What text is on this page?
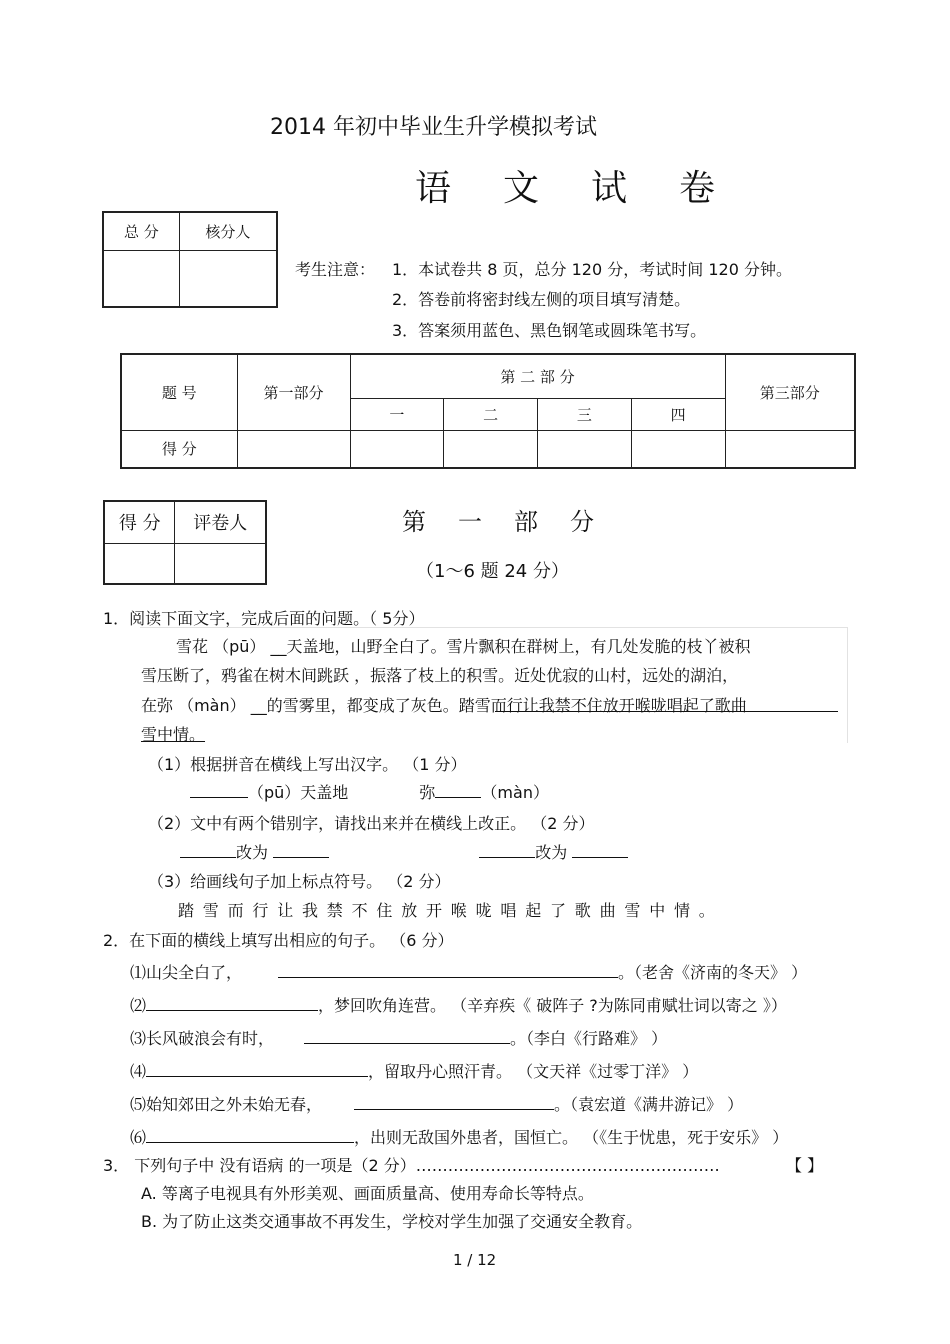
2014 年初中毕业生升学模拟考试
语　文　试　卷
总 分	核分人

考生注意： 1．本试卷共 8 页，总分 120 分，考试时间 120 分钟。
2．答卷前将密封线左侧的项目填写清楚。
3．答案须用蓝色、黑色钢笔或圆珠笔书写。
题 号	第一部分	第 二 部 分				第三部分
		一	二	三	四	
得 分						
得 分	评卷人
		第　一　部　分
（1～6 题 24 分）
1．阅读下面文字，完成后面的问题。（ 5分）
雪花 （pū） __天盖地，山野全白了。雪片飘积在群树上，有几处发脆的枝丫被积
雪压断了，鸦雀在树木间跳跃 ，振落了枝上的积雪。近处优寂的山村，远处的湖泊，
在弥 （màn） __的雪雾里，都变成了灰色。踏雪而行让我禁不住放开喉咙唱起了歌曲
雪中情。
（1）根据拼音在横线上写出汉字。 （1 分）
（pū）天盖地	弥	（màn）
（2）文中有两个错别字，请找出来并在横线上改正。 （2 分）
改为	改为
（3）给画线句子加上标点符号。 （2 分）
踏雪而行让我禁不住放开喉咙唱起了歌曲雪中情。
2．在下面的横线上填写出相应的句子。 （6 分）
⑴山尖全白了，	。（老舍《济南的冬天》 ）
⑵	，梦回吹角连营。 （辛弃疾《 破阵子 ?为陈同甫赋壮词以寄之 》）
⑶长风破浪会有时，	。（李白《行路难》 ）
⑷	，留取丹心照汗青。 （文天祥《过零丁洋》 ）
⑸始知郊田之外未始无春，	。（袁宏道《满井游记》 ）
⑹	，出则无敌国外患者，国恒亡。 （《生于忧患，死于安乐》 ）
3． 下列句子中 没有语病 的一项是（2 分）…………………………………………………	【 】
A. 等离子电视具有外形美观、画面质量高、使用寿命长等特点。
B. 为了防止这类交通事故不再发生，学校对学生加强了交通安全教育。
1 / 12
